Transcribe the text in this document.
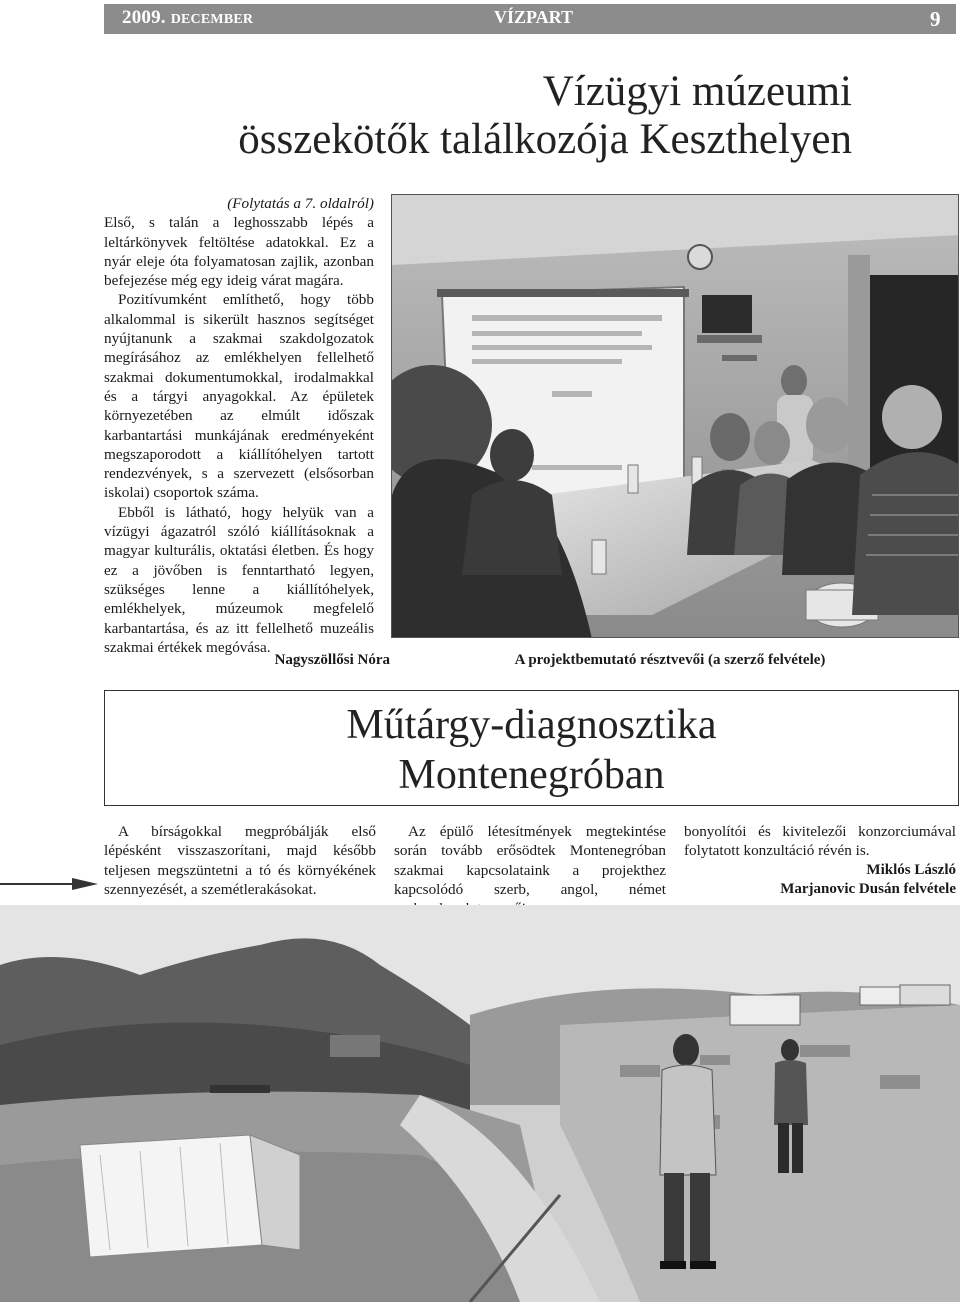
2009. DECEMBER	VÍZPART	9
Vízügyi múzeumi
összekötők találkozója Keszthelyen
(Folytatás a 7. oldalról)

Első, s talán a leghosszabb lépés a leltárkönyvek feltöltése adatokkal. Ez a nyár eleje óta folyamatosan zajlik, azonban befejezése még egy ideig várat magára.

Pozitívumként említhető, hogy több alkalommal is sikerült hasznos segítséget nyújtanunk a szakmai szakdolgozatok megírásához az emlékhelyen fellelhető szakmai dokumentumokkal, irodalmakkal és a tárgyi anyagokkal. Az épületek környezetében az elmúlt időszak karbantartási munkájának eredményeként megszaporodott a kiállítóhelyen tartott rendezvények, s a szervezett (elsősorban iskolai) csoportok száma.

Ebből is látható, hogy helyük van a vízügyi ágazatról szóló kiállításoknak a magyar kulturális, oktatási életben. És hogy ez a jövőben is fenntartható legyen, szükséges lenne a kiállítóhelyek, emlékhelyek, múzeumok megfelelő karbantartása, és az itt fellelhető muzeális szakmai értékek megóvása.

Nagyszöllősi Nóra	A projektbemutató résztvevői (a szerző felvétele)
Műtárgy-diagnosztika
Montenegróban

A bírságokkal megpróbálják első lépésként visszaszorítani, majd később teljesen megszüntetni a tó és környékének szennyezését, a szemétlerakásokat.

Az épülő létesítmények megtekintése során tovább erősödtek Montenegróban szakmai kapcsolataink a projekthez kapcsolódó szerb, angol, német

bonyolítói és kivitelezői konzorciumával folytatott konzultáció révén is.

Miklós László

Marjanovic Dusán felvétele
